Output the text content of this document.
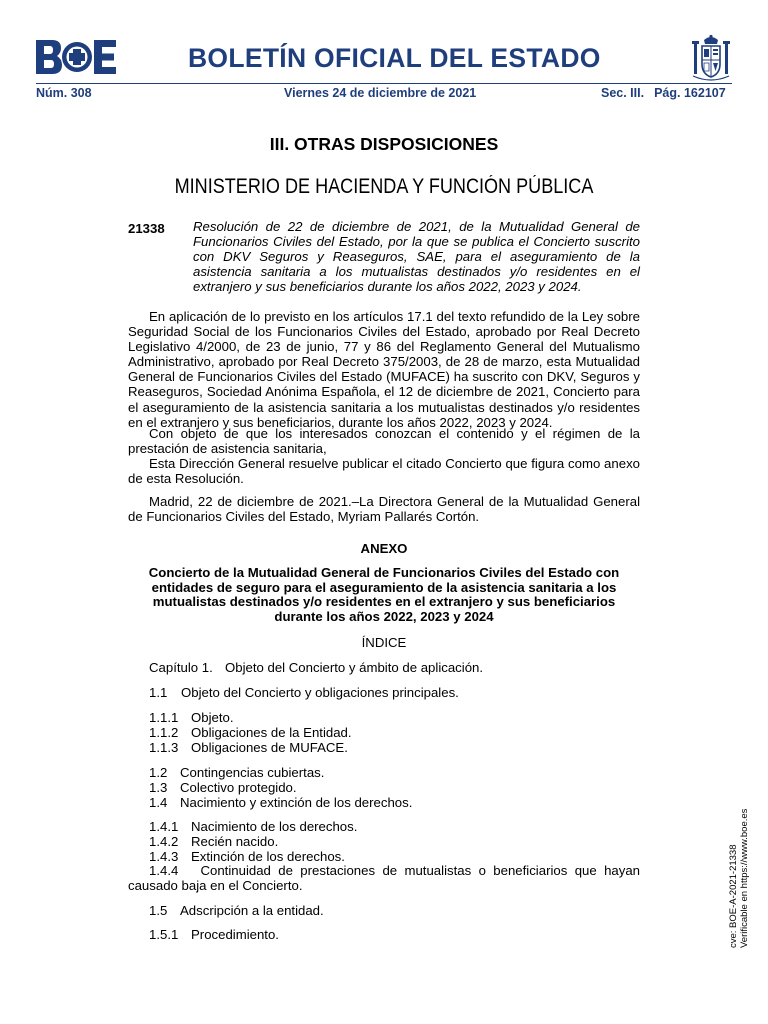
BOLETÍN OFICIAL DEL ESTADO
Núm. 308	Viernes 24 de diciembre de 2021	Sec. III. Pág. 162107
III. OTRAS DISPOSICIONES
MINISTERIO DE HACIENDA Y FUNCIÓN PÚBLICA
21338 Resolución de 22 de diciembre de 2021, de la Mutualidad General de Funcionarios Civiles del Estado, por la que se publica el Concierto suscrito con DKV Seguros y Reaseguros, SAE, para el aseguramiento de la asistencia sanitaria a los mutualistas destinados y/o residentes en el extranjero y sus beneficiarios durante los años 2022, 2023 y 2024.

En aplicación de lo previsto en los artículos 17.1 del texto refundido de la Ley sobre Seguridad Social de los Funcionarios Civiles del Estado, aprobado por Real Decreto Legislativo 4/2000, de 23 de junio, 77 y 86 del Reglamento General del Mutualismo Administrativo, aprobado por Real Decreto 375/2003, de 28 de marzo, esta Mutualidad General de Funcionarios Civiles del Estado (MUFACE) ha suscrito con DKV, Seguros y Reaseguros, Sociedad Anónima Española, el 12 de diciembre de 2021, Concierto para el aseguramiento de la asistencia sanitaria a los mutualistas destinados y/o residentes en el extranjero y sus beneficiarios, durante los años 2022, 2023 y 2024.

Con objeto de que los interesados conozcan el contenido y el régimen de la prestación de asistencia sanitaria,

Esta Dirección General resuelve publicar el citado Concierto que figura como anexo de esta Resolución.

Madrid, 22 de diciembre de 2021.–La Directora General de la Mutualidad General de Funcionarios Civiles del Estado, Myriam Pallarés Cortón.

ANEXO

Concierto de la Mutualidad General de Funcionarios Civiles del Estado con entidades de seguro para el aseguramiento de la asistencia sanitaria a los mutualistas destinados y/o residentes en el extranjero y sus beneficiarios durante los años 2022, 2023 y 2024

ÍNDICE
Capítulo 1. Objeto del Concierto y ámbito de aplicación.
1.1 Objeto del Concierto y obligaciones principales.
1.1.1 Objeto.
1.1.2 Obligaciones de la Entidad.
1.1.3 Obligaciones de MUFACE.
1.2 Contingencias cubiertas.
1.3 Colectivo protegido.
1.4 Nacimiento y extinción de los derechos.
1.4.1 Nacimiento de los derechos.
1.4.2 Recién nacido.
1.4.3 Extinción de los derechos.

1.4.4 Continuidad de prestaciones de mutualistas o beneficiarios que hayan causado baja en el Concierto.

1.5 Adscripción a la entidad.
1.5.1 Procedimiento.	cve: BOE-A-2021-21338 Verificable en https://www.boe.es
